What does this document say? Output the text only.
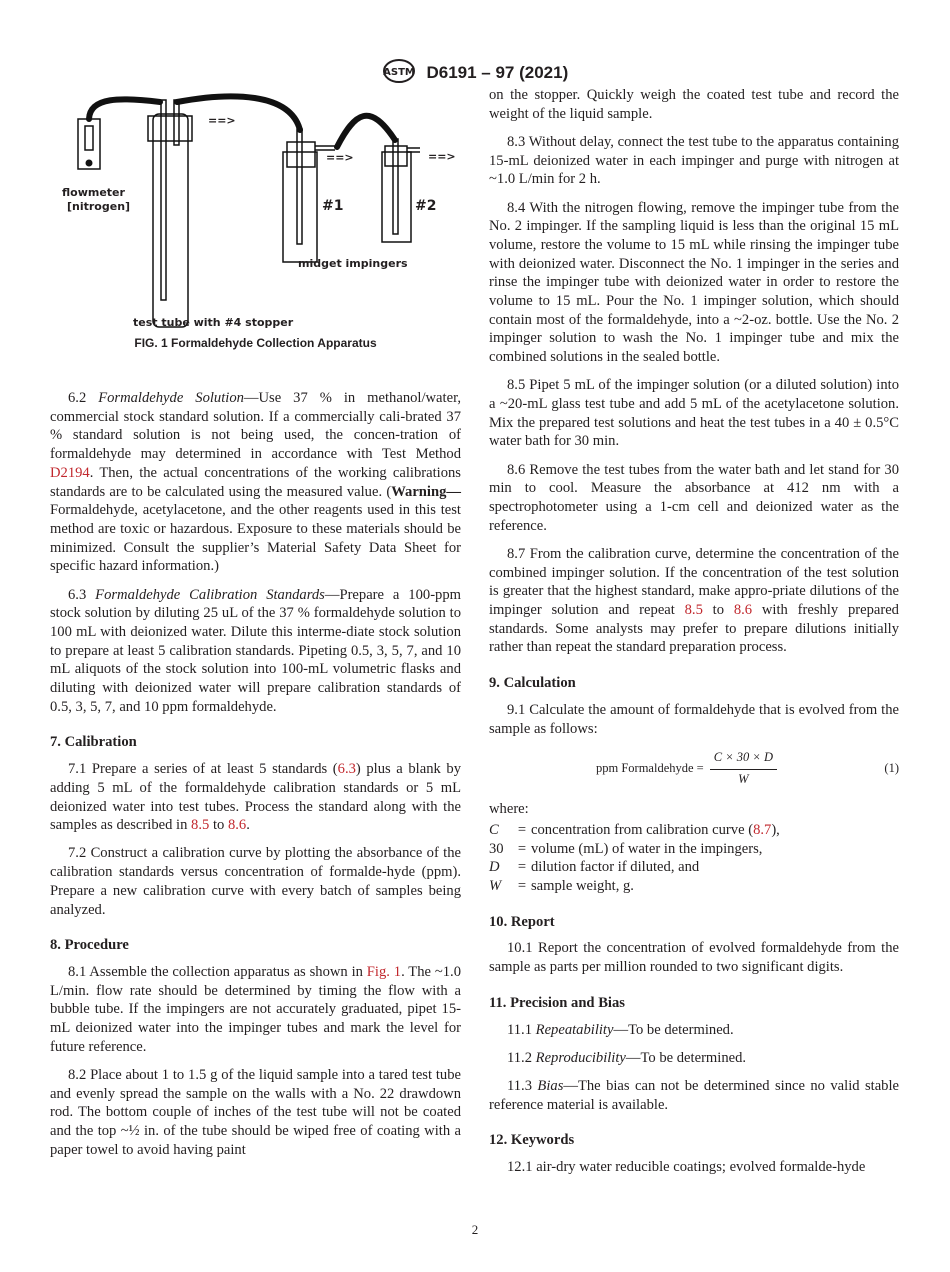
ASTM D6191 – 97 (2021)
flowmeter
[nitrogen]
test tube with #4 stopper
midget impingers
#1	#2
==>
==>	==>
FIG. 1 Formaldehyde Collection Apparatus

6.2 Formaldehyde Solution—Use 37 % in methanol/water, commercial stock standard solution. If a commercially cali-brated 37 % standard solution is not being used, the concen-tration of formaldehyde may determined in accordance with Test Method D2194. Then, the actual concentrations of the working calibrations standards are to be calculated using the measured value. (Warning—Formaldehyde, acetylacetone, and the other reagents used in this test method are toxic or hazardous. Exposure to these materials should be minimized. Consult the supplier’s Material Safety Data Sheet for specific hazard information.)

6.3 Formaldehyde Calibration Standards—Prepare a 100-ppm stock solution by diluting 25 uL of the 37 % formaldehyde solution to 100 mL with deionized water. Dilute this interme-diate stock solution to prepare at least 5 calibration standards. Pipeting 0.5, 3, 5, 7, and 10 mL aliquots of the stock solution into 100-mL volumetric flasks and diluting with deionized water will prepare calibration standards of 0.5, 3, 5, 7, and 10 ppm formaldehyde.

7. Calibration

7.1 Prepare a series of at least 5 standards (6.3) plus a blank by adding 5 mL of the formaldehyde calibration standards or 5 mL deionized water into test tubes. Process the standard along with the samples as described in 8.5 to 8.6.

7.2 Construct a calibration curve by plotting the absorbance of the calibration standards versus concentration of formalde-hyde (ppm). Prepare a new calibration curve with every batch of samples being analyzed.

8. Procedure

8.1 Assemble the collection apparatus as shown in Fig. 1. The ~1.0 L/min. flow rate should be determined by timing the flow with a bubble tube. If the impingers are not accurately graduated, pipet 15-mL deionized water into the impinger tubes and mark the level for future reference.

8.2 Place about 1 to 1.5 g of the liquid sample into a tared test tube and evenly spread the sample on the walls with a No. 22 drawdown rod. The bottom couple of inches of the test tube will not be coated and the top ~½ in. of the tube should be wiped free of coating with a paper towel to avoid having paint

on the stopper. Quickly weigh the coated test tube and record the weight of the liquid sample.

8.3 Without delay, connect the test tube to the apparatus containing 15-mL deionized water in each impinger and purge with nitrogen at ~1.0 L/min for 2 h.

8.4 With the nitrogen flowing, remove the impinger tube from the No. 2 impinger. If the sampling liquid is less than the original 15 mL volume, restore the volume to 15 mL while rinsing the impinger tube with deionized water. Disconnect the No. 1 impinger in the series and rinse the impinger tube with deionized water in order to restore the volume to 15 mL. Pour the No. 1 impinger solution, which should contain most of the formaldehyde, into a ~2-oz. bottle. Use the No. 2 impinger solution to wash the No. 1 impinger tube and mix the combined solutions in the sealed bottle.

8.5 Pipet 5 mL of the impinger solution (or a diluted solution) into a ~20-mL glass test tube and add 5 mL of the acetylacetone solution. Mix the prepared test solutions and heat the test tubes in a 40 ± 0.5°C water bath for 30 min.

8.6 Remove the test tubes from the water bath and let stand for 30 min to cool. Measure the absorbance at 412 nm with a spectrophotometer using a 1-cm cell and deionized water as the reference.

8.7 From the calibration curve, determine the concentration of the combined impinger solution. If the concentration of the test solution is greater that the highest standard, make appro-priate dilutions of the impinger solution and repeat 8.5 to 8.6 with freshly prepared standards. Some analysts may prefer to prepare dilutions initially rather than repeat the standard preparation process.

9. Calculation

9.1 Calculate the amount of formaldehyde that is evolved from the sample as follows:

ppm Formaldehyde = $\frac{C \times 30 \times D}{W}$	(1)
where:
C	= concentration from calibration curve (8.7),
30 = volume (mL) of water in the impingers,
D	= dilution factor if diluted, and
W	= sample weight, g.
10. Report

10.1 Report the concentration of evolved formaldehyde from the sample as parts per million rounded to two significant digits.

11. Precision and Bias

11.1 Repeatability—To be determined.

11.2 Reproducibility—To be determined.

11.3 Bias—The bias can not be determined since no valid stable reference material is available.

12. Keywords

12.1 air-dry water reducible coatings; evolved formalde-hyde

2
